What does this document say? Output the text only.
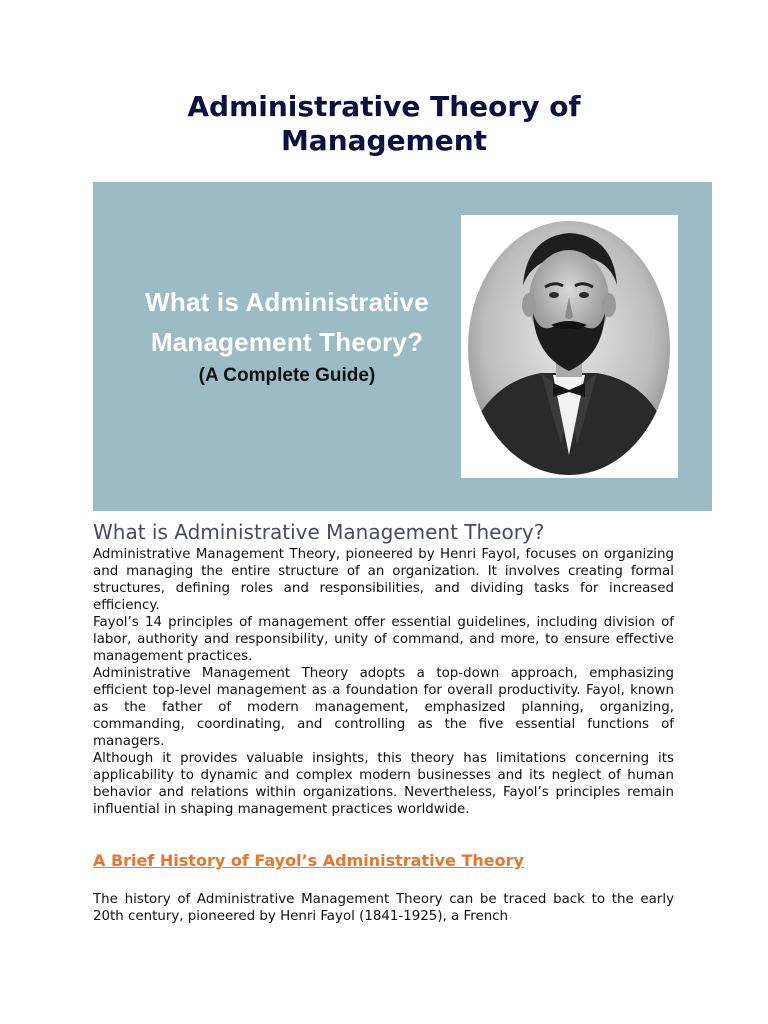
Administrative Theory of Management
What is Administrative
Management Theory?
(A Complete Guide)
What is Administrative Management Theory?

Administrative Management Theory, pioneered by Henri Fayol, focuses on organizing and managing the entire structure of an organization. It involves creating formal structures, defining roles and responsibilities, and dividing tasks for increased efficiency.

Fayol’s 14 principles of management offer essential guidelines, including division of labor, authority and responsibility, unity of command, and more, to ensure effective management practices.

Administrative Management Theory adopts a top-down approach, emphasizing efficient top-level management as a foundation for overall productivity. Fayol, known as the father of modern management, emphasized planning, organizing, commanding, coordinating, and controlling as the five essential functions of managers.

Although it provides valuable insights, this theory has limitations concerning its applicability to dynamic and complex modern businesses and its neglect of human behavior and relations within organizations. Nevertheless, Fayol’s principles remain influential in shaping management practices worldwide.

A Brief History of Fayol’s Administrative Theory

The history of Administrative Management Theory can be traced back to the early 20th century, pioneered by Henri Fayol (1841-1925), a French
